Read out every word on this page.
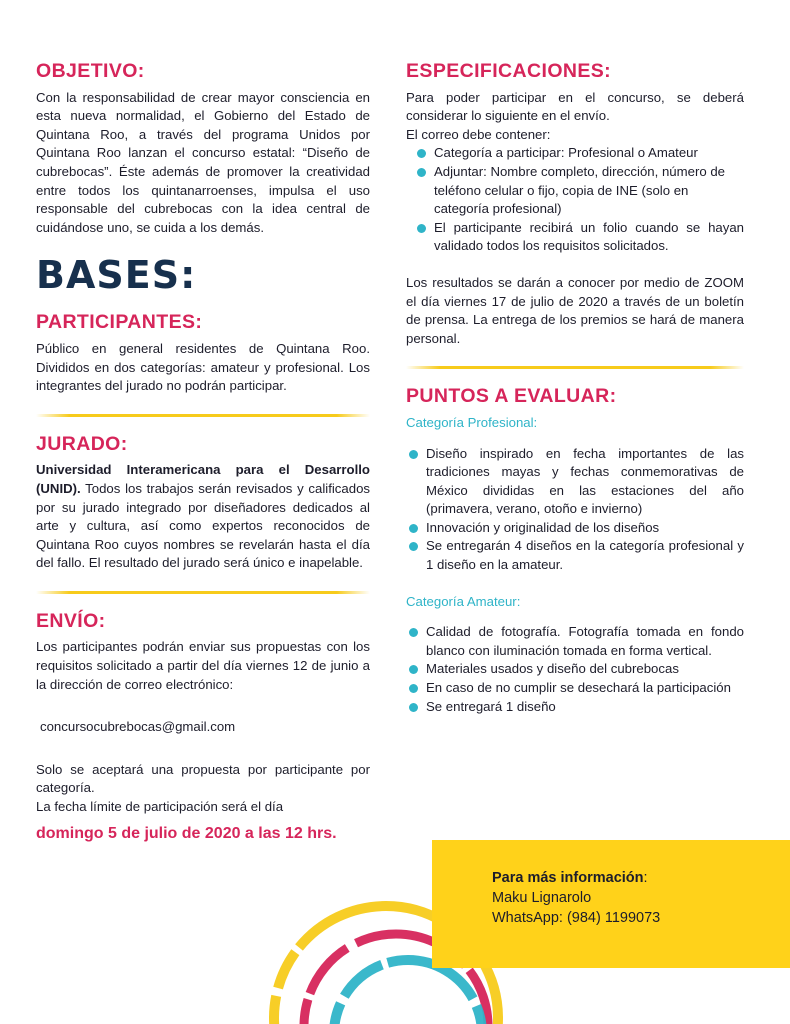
OBJETIVO:

Con la responsabilidad de crear mayor consciencia en esta nueva normalidad, el Gobierno del Estado de Quintana Roo, a través del programa Unidos por Quintana Roo lanzan el concurso estatal: “Diseño de cubrebocas”. Éste además de promover la creatividad entre todos los quintanarroenses, impulsa el uso responsable del cubrebocas con la idea central de cuidándose uno, se cuida a los demás.

BASES:
PARTICIPANTES:

Público en general residentes de Quintana Roo. Divididos en dos categorías: amateur y profesional. Los integrantes del jurado no podrán participar.

JURADO:

Universidad Interamericana para el Desarrollo (UNID). Todos los trabajos serán revisados y calificados por su jurado integrado por diseñadores dedicados al arte y cultura, así como expertos reconocidos de Quintana Roo cuyos nombres se revelarán hasta el día del fallo. El resultado del jurado será único e inapelable.

ENVÍO:

Los participantes podrán enviar sus propuestas con los requisitos solicitado a partir del día viernes 12 de junio a la dirección de correo electrónico:

concursocubrebocas@gmail.com

Solo se aceptará una propuesta por participante por categoría.

La fecha límite de participación será el día

domingo 5 de julio de 2020 a las 12 hrs.
ESPECIFICACIONES:

Para poder participar en el concurso, se deberá considerar lo siguiente en el envío.

El correo debe contener:
Categoría a participar: Profesional o Amateur
Adjuntar: Nombre completo, dirección, número de teléfono celular o fijo, copia de INE (solo en categoría profesional)

El participante recibirá un folio cuando se hayan validado todos los requisitos solicitados.

Los resultados se darán a conocer por medio de ZOOM el día viernes 17 de julio de 2020 a través de un boletín de prensa. La entrega de los premios se hará de manera personal.

PUNTOS A EVALUAR:
Categoría Profesional:

Diseño inspirado en fecha importantes de las tradiciones mayas y fechas conmemorativas de México divididas en las estaciones del año (primavera, verano, otoño e invierno)

Innovación y originalidad de los diseños

Se entregarán 4 diseños en la categoría profesional y 1 diseño en la amateur.

Categoría Amateur:

Calidad de fotografía. Fotografía tomada en fondo blanco con iluminación tomada en forma vertical.

Materiales usados y diseño del cubrebocas

En caso de no cumplir se desechará la participación

Se entregará 1 diseño
Para más información:
Maku Lignarolo
WhatsApp: (984) 1199073
